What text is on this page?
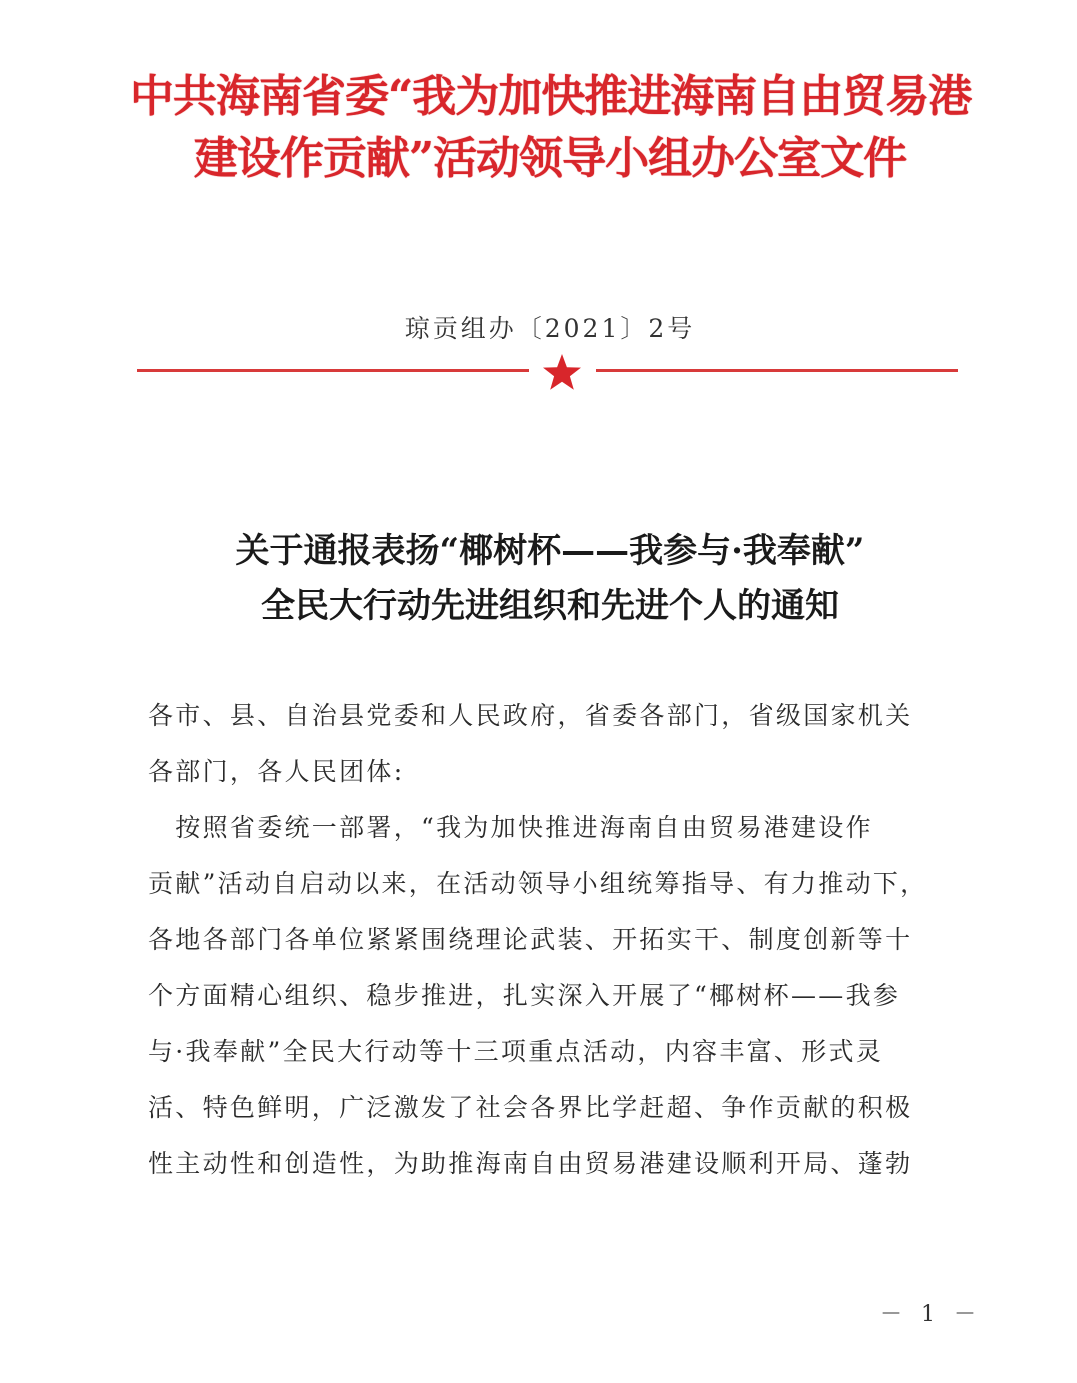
中共海南省委“我为加快推进海南自由贸易港
建设作贡献”活动领导小组办公室文件
琼贡组办〔2021〕2号
关于通报表扬“椰树杯——我参与·我奉献”
全民大行动先进组织和先进个人的通知
各市、县、自治县党委和人民政府，省委各部门，省级国家机关
各部门，各人民团体:
　按照省委统一部署，“我为加快推进海南自由贸易港建设作
贡献”活动自启动以来，在活动领导小组统筹指导、有力推动下，
各地各部门各单位紧紧围绕理论武装、开拓实干、制度创新等十
个方面精心组织、稳步推进，扎实深入开展了“椰树杯——我参
与·我奉献”全民大行动等十三项重点活动，内容丰富、形式灵
活、特色鲜明，广泛激发了社会各界比学赶超、争作贡献的积极
性主动性和创造性，为助推海南自由贸易港建设顺利开局、蓬勃
－ 1 －
